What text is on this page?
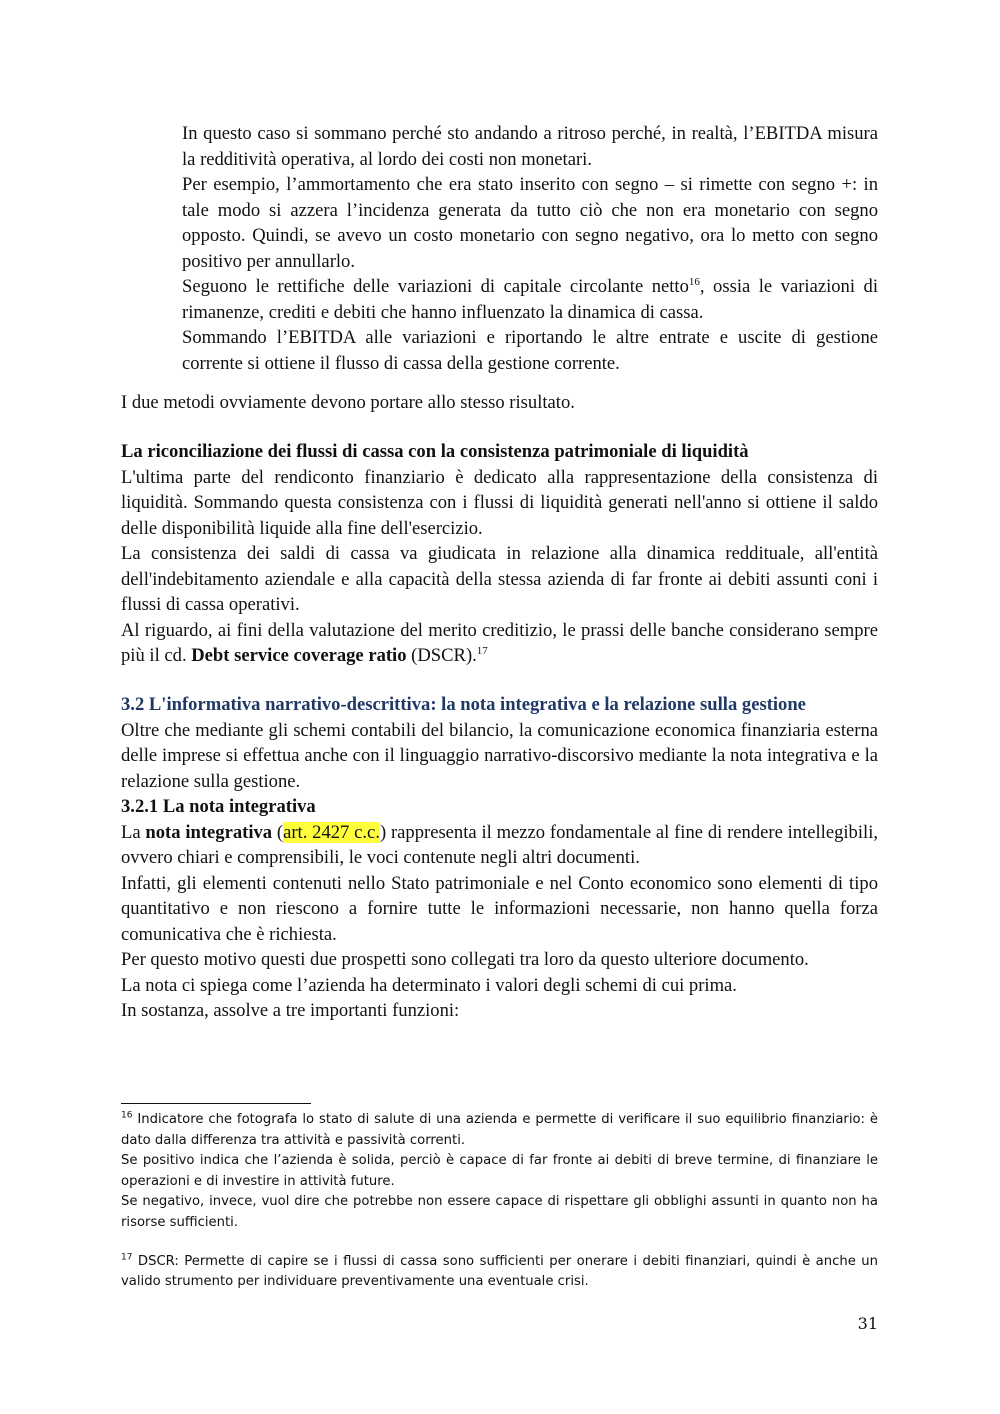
In questo caso si sommano perché sto andando a ritroso perché, in realtà, l’EBITDA misura la redditività operativa, al lordo dei costi non monetari.

Per esempio, l’ammortamento che era stato inserito con segno – si rimette con segno +: in tale modo si azzera l’incidenza generata da tutto ciò che non era monetario con segno opposto. Quindi, se avevo un costo monetario con segno negativo, ora lo metto con segno positivo per annullarlo.

Seguono le rettifiche delle variazioni di capitale circolante netto$^{16}$, ossia le variazioni di rimanenze, crediti e debiti che hanno influenzato la dinamica di cassa.

Sommando l’EBITDA alle variazioni e riportando le altre entrate e uscite di gestione corrente si ottiene il flusso di cassa della gestione corrente.

I due metodi ovviamente devono portare allo stesso risultato.

La riconciliazione dei flussi di cassa con la consistenza patrimoniale di liquidità

L'ultima parte del rendiconto finanziario è dedicato alla rappresentazione della consistenza di liquidità. Sommando questa consistenza con i flussi di liquidità generati nell'anno si ottiene il saldo delle disponibilità liquide alla fine dell'esercizio.

La consistenza dei saldi di cassa va giudicata in relazione alla dinamica reddituale, all'entità dell'indebitamento aziendale e alla capacità della stessa azienda di far fronte ai debiti assunti coni i flussi di cassa operativi.

Al riguardo, ai fini della valutazione del merito creditizio, le prassi delle banche considerano sempre più il cd. Debt service coverage ratio (DSCR).$^{17}$

3.2 L'informativa narrativo-descrittiva: la nota integrativa e la relazione sulla gestione

Oltre che mediante gli schemi contabili del bilancio, la comunicazione economica finanziaria esterna delle imprese si effettua anche con il linguaggio narrativo-discorsivo mediante la nota integrativa e la relazione sulla gestione.

3.2.1 La nota integrativa

La nota integrativa (art. 2427 c.c.) rappresenta il mezzo fondamentale al fine di rendere intellegibili, ovvero chiari e comprensibili, le voci contenute negli altri documenti.

Infatti, gli elementi contenuti nello Stato patrimoniale e nel Conto economico sono elementi di tipo quantitativo e non riescono a fornire tutte le informazioni necessarie, non hanno quella forza comunicativa che è richiesta.

Per questo motivo questi due prospetti sono collegati tra loro da questo ulteriore documento.

La nota ci spiega come l’azienda ha determinato i valori degli schemi di cui prima.

In sostanza, assolve a tre importanti funzioni:

$^{16}$ Indicatore che fotografa lo stato di salute di una azienda e permette di verificare il suo equilibrio finanziario: è dato dalla differenza tra attività e passività correnti.

Se positivo indica che l’azienda è solida, perciò è capace di far fronte ai debiti di breve termine, di finanziare le operazioni e di investire in attività future.

Se negativo, invece, vuol dire che potrebbe non essere capace di rispettare gli obblighi assunti in quanto non ha risorse sufficienti.

$^{17}$ DSCR: Permette di capire se i flussi di cassa sono sufficienti per onerare i debiti finanziari, quindi è anche un valido strumento per individuare preventivamente una eventuale crisi.

31
